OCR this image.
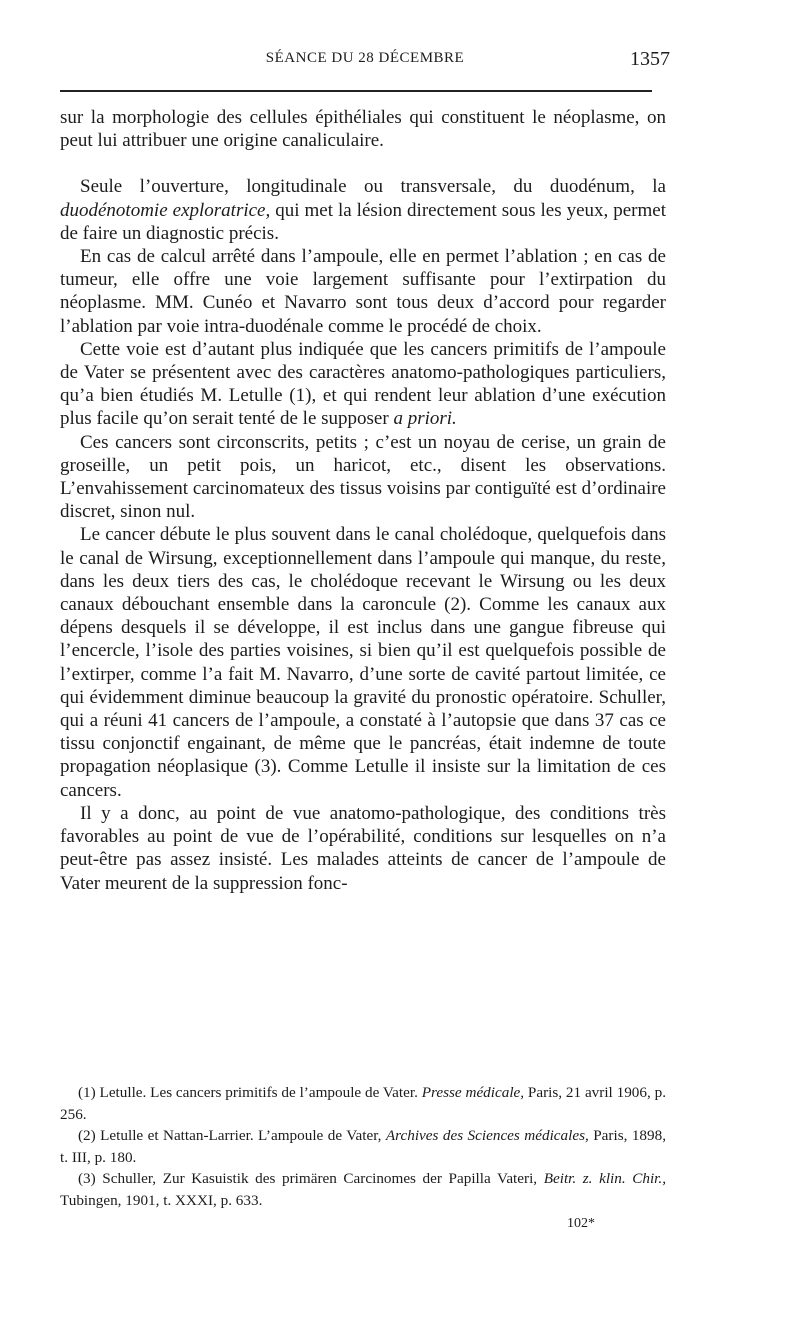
SÉANCE DU 28 DÉCEMBRE	1357

sur la morphologie des cellules épithéliales qui constituent le néoplasme, on peut lui attribuer une origine canaliculaire.

Seule l’ouverture, longitudinale ou transversale, du duodénum, la duodénotomie exploratrice, qui met la lésion directement sous les yeux, permet de faire un diagnostic précis.

En cas de calcul arrêté dans l’ampoule, elle en permet l’ablation ; en cas de tumeur, elle offre une voie largement suffisante pour l’extirpation du néoplasme. MM. Cunéo et Navarro sont tous deux d’accord pour regarder l’ablation par voie intra-duodénale comme le procédé de choix.

Cette voie est d’autant plus indiquée que les cancers primitifs de l’ampoule de Vater se présentent avec des caractères anatomo-pathologiques particuliers, qu’a bien étudiés M. Letulle (1), et qui rendent leur ablation d’une exécution plus facile qu’on serait tenté de le supposer a priori.

Ces cancers sont circonscrits, petits ; c’est un noyau de cerise, un grain de groseille, un petit pois, un haricot, etc., disent les observations. L’envahissement carcinomateux des tissus voisins par contiguïté est d’ordinaire discret, sinon nul.

Le cancer débute le plus souvent dans le canal cholédoque, quelquefois dans le canal de Wirsung, exceptionnellement dans l’ampoule qui manque, du reste, dans les deux tiers des cas, le cholédoque recevant le Wirsung ou les deux canaux débouchant ensemble dans la caroncule (2). Comme les canaux aux dépens desquels il se développe, il est inclus dans une gangue fibreuse qui l’encercle, l’isole des parties voisines, si bien qu’il est quelquefois possible de l’extirper, comme l’a fait M. Navarro, d’une sorte de cavité partout limitée, ce qui évidemment diminue beaucoup la gravité du pronostic opératoire. Schuller, qui a réuni 41 cancers de l’ampoule, a constaté à l’autopsie que dans 37 cas ce tissu conjonctif engainant, de même que le pancréas, était indemne de toute propagation néoplasique (3). Comme Letulle il insiste sur la limitation de ces cancers.

Il y a donc, au point de vue anatomo-pathologique, des conditions très favorables au point de vue de l’opérabilité, conditions sur lesquelles on n’a peut-être pas assez insisté. Les malades atteints de cancer de l’ampoule de Vater meurent de la suppression fonc-

(1) Letulle. Les cancers primitifs de l’ampoule de Vater. Presse médicale, Paris, 21 avril 1906, p. 256.

(2) Letulle et Nattan-Larrier. L’ampoule de Vater, Archives des Sciences médicales, Paris, 1898, t. III, p. 180.

(3) Schuller, Zur Kasuistik des primären Carcinomes der Papilla Vateri, Beitr. z. klin. Chir., Tubingen, 1901, t. XXXI, p. 633.

102*
